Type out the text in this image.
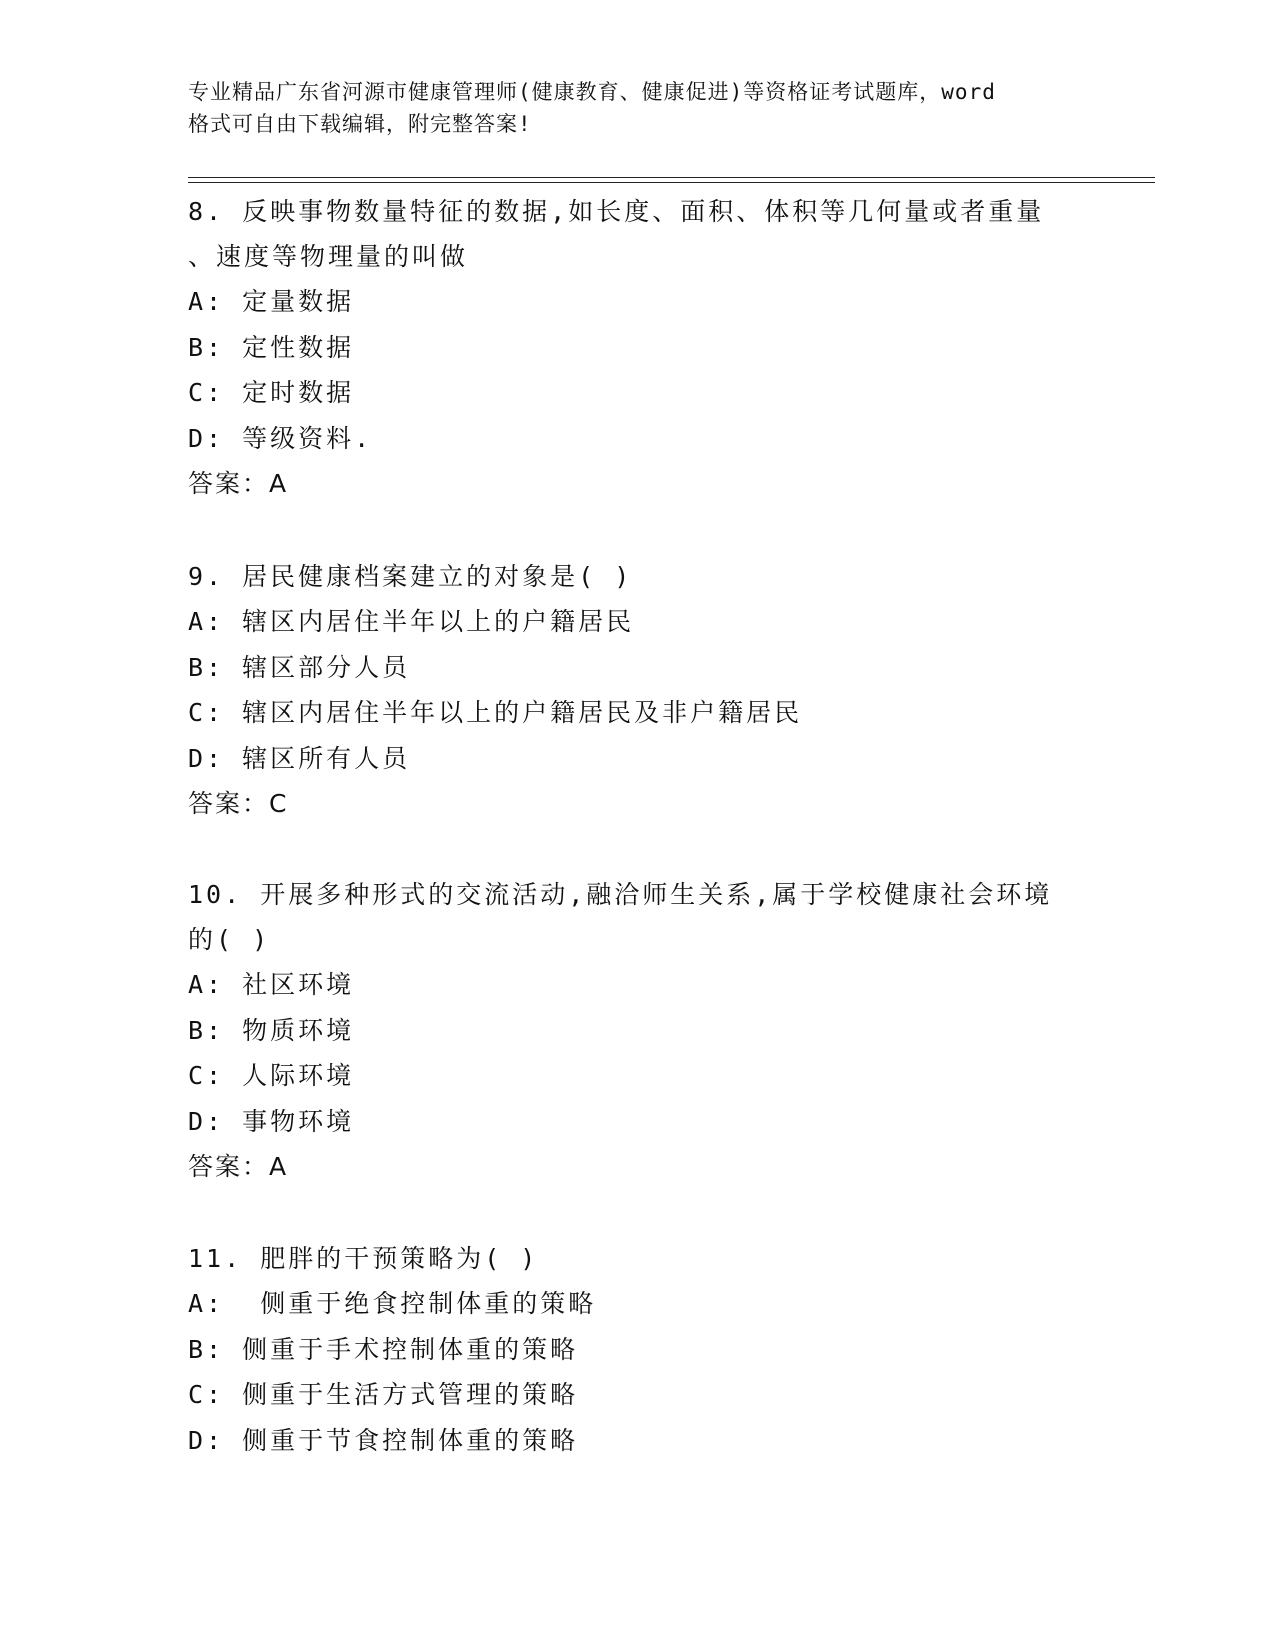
专业精品广东省河源市健康管理师(健康教育、健康促进)等资格证考试题库，word
格式可自由下载编辑，附完整答案!
8. 反映事物数量特征的数据,如长度、面积、体积等几何量或者重量
、速度等物理量的叫做
A: 定量数据
B: 定性数据
C: 定时数据
D: 等级资料.
答案：A
9. 居民健康档案建立的对象是( )
A: 辖区内居住半年以上的户籍居民
B: 辖区部分人员
C: 辖区内居住半年以上的户籍居民及非户籍居民
D: 辖区所有人员
答案：C
10. 开展多种形式的交流活动,融洽师生关系,属于学校健康社会环境
的( )
A: 社区环境
B: 物质环境
C: 人际环境
D: 事物环境
答案：A
11. 肥胖的干预策略为( )
A:  侧重于绝食控制体重的策略
B: 侧重于手术控制体重的策略
C: 侧重于生活方式管理的策略
D: 侧重于节食控制体重的策略
